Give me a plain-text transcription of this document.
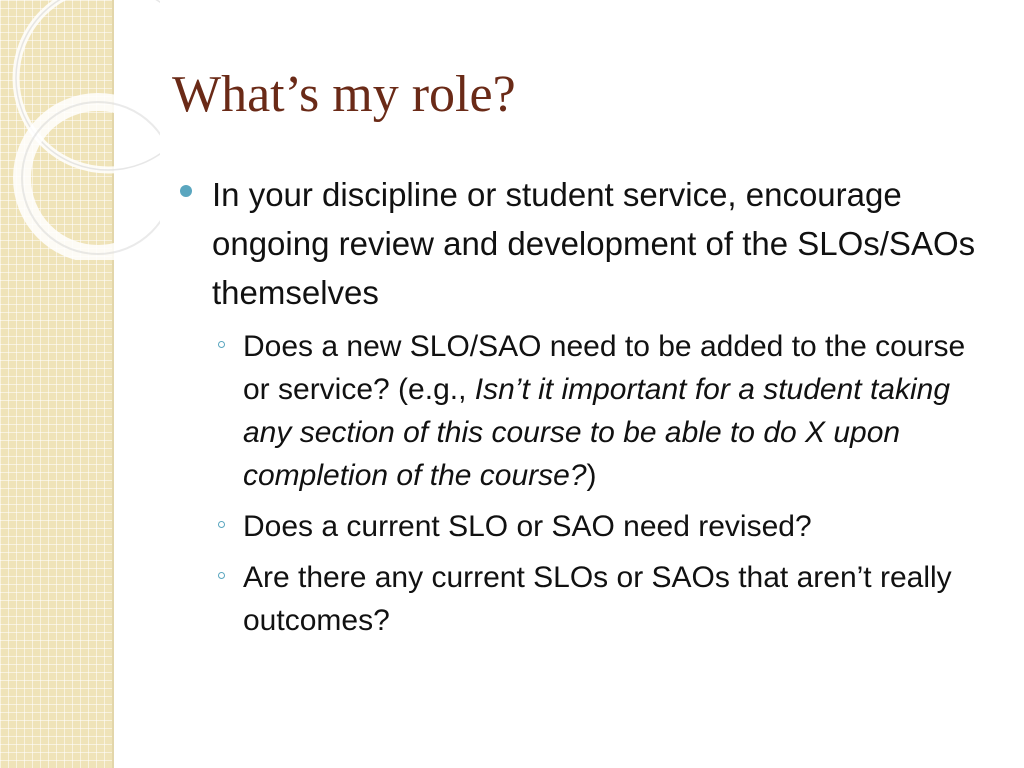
What’s my role?
In your discipline or student service, encourage ongoing review and development of the SLOs/SAOs themselves
Does a new SLO/SAO need to be added to the course or service? (e.g., Isn’t it important for a student taking any section of this course to be able to do X upon completion of the course?)
Does a current SLO or SAO need revised?
Are there any current SLOs or SAOs that aren’t really outcomes?
